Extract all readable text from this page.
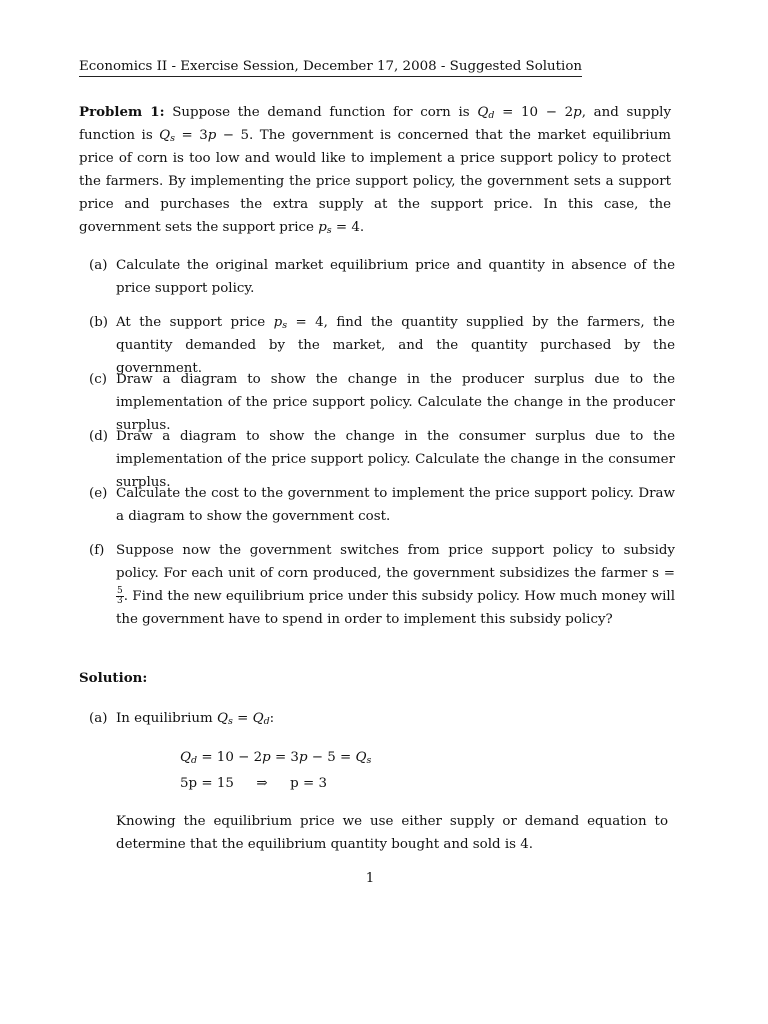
Economics II - Exercise Session, December 17, 2008 - Suggested Solution
Problem 1: Suppose the demand function for corn is $Q_d = 10 - 2p$, and supply function is $Q_s = 3p - 5$. The government is concerned that the market equilibrium price of corn is too low and would like to implement a price support policy to protect the farmers. By implementing the price support policy, the government sets a support price and purchases the extra supply at the support price. In this case, the government sets the support price $p_s = 4$.
(a) Calculate the original market equilibrium price and quantity in absence of the price support policy.
(b) At the support price $p_s = 4$, find the quantity supplied by the farmers, the quantity demanded by the market, and the quantity purchased by the government.
(c) Draw a diagram to show the change in the producer surplus due to the implementation of the price support policy. Calculate the change in the producer surplus.
(d) Draw a diagram to show the change in the consumer surplus due to the implementation of the price support policy. Calculate the change in the consumer surplus.
(e) Calculate the cost to the government to implement the price support policy. Draw a diagram to show the government cost.
(f) Suppose now the government switches from price support policy to subsidy policy. For each unit of corn produced, the government subsidizes the farmer s =
$\frac{5}{3}$ . Find the new equilibrium price under this subsidy policy. How much money will the government have to spend in order to implement this subsidy policy?
Solution:
(a) In equilibrium $Q_s = Q_d$:
$Q_d = 10 - 2p = 3p - 5 = Q_s$
5p = 15 ⇒ p = 3
Knowing the equilibrium price we use either supply or demand equation to determine that the equilibrium quantity bought and sold is 4.
1
